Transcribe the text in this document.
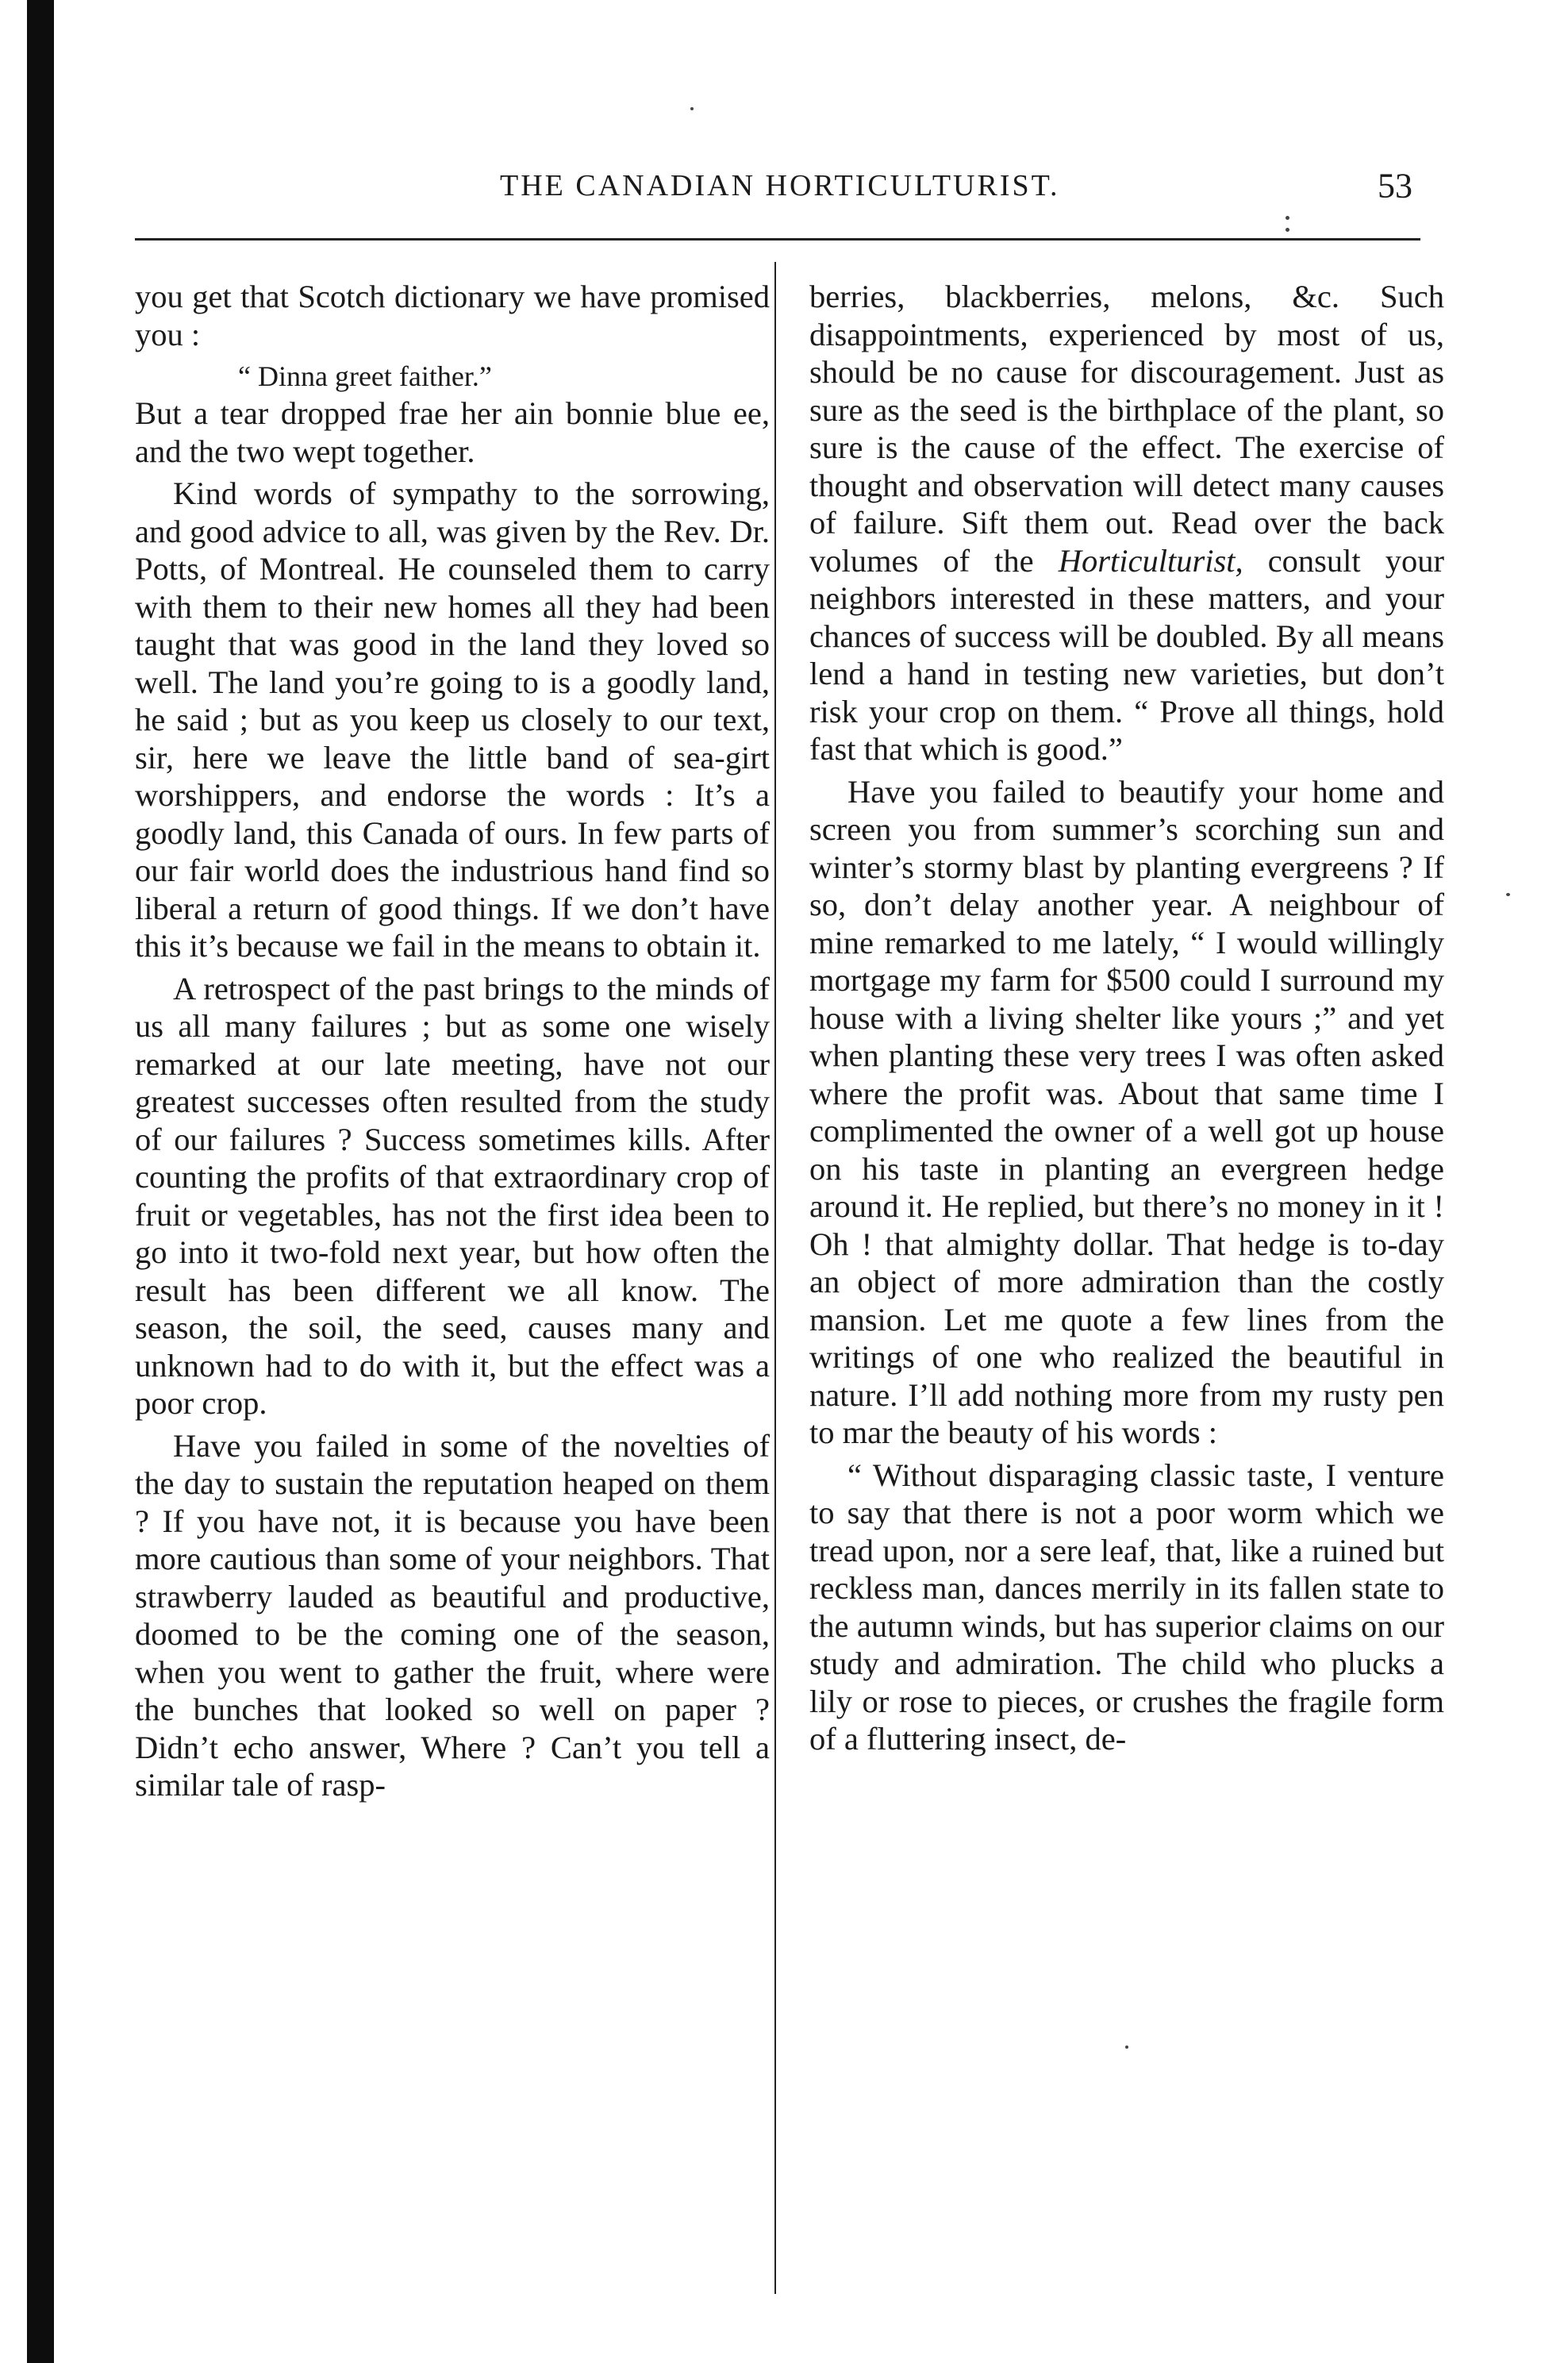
THE CANADIAN HORTICULTURIST.	53

you get that Scotch dictionary we have promised you :

“ Dinna greet faither.”

But a tear dropped frae her ain bonnie blue ee, and the two wept together.

Kind words of sympathy to the sorrowing, and good advice to all, was given by the Rev. Dr. Potts, of Montreal. He counseled them to carry with them to their new homes all they had been taught that was good in the land they loved so well. The land you’re going to is a goodly land, he said ; but as you keep us closely to our text, sir, here we leave the little band of sea-girt worshippers, and endorse the words : It’s a goodly land, this Canada of ours. In few parts of our fair world does the industrious hand find so liberal a return of good things. If we don’t have this it’s because we fail in the means to obtain it.

A retrospect of the past brings to the minds of us all many failures ; but as some one wisely remarked at our late meeting, have not our greatest successes often resulted from the study of our failures ? Success sometimes kills. After counting the profits of that extraordinary crop of fruit or vegetables, has not the first idea been to go into it two-fold next year, but how often the result has been different we all know. The season, the soil, the seed, causes many and unknown had to do with it, but the effect was a poor crop.

Have you failed in some of the novelties of the day to sustain the reputation heaped on them ? If you have not, it is because you have been more cautious than some of your neighbors. That strawberry lauded as beautiful and productive, doomed to be the coming one of the season, when you went to gather the fruit, where were the bunches that looked so well on paper ? Didn’t echo answer, Where ? Can’t you tell a similar tale of rasp-

berries, blackberries, melons, &c. Such disappointments, experienced by most of us, should be no cause for discouragement. Just as sure as the seed is the birthplace of the plant, so sure is the cause of the effect. The exercise of thought and observation will detect many causes of failure. Sift them out. Read over the back volumes of the Horticulturist, consult your neighbors interested in these matters, and your chances of success will be doubled. By all means lend a hand in testing new varieties, but don’t risk your crop on them. “ Prove all things, hold fast that which is good.”

Have you failed to beautify your home and screen you from summer’s scorching sun and winter’s stormy blast by planting evergreens ? If so, don’t delay another year. A neighbour of mine remarked to me lately, “ I would willingly mortgage my farm for $500 could I surround my house with a living shelter like yours ;” and yet when planting these very trees I was often asked where the profit was. About that same time I complimented the owner of a well got up house on his taste in planting an evergreen hedge around it. He replied, but there’s no money in it ! Oh ! that almighty dollar. That hedge is to-day an object of more admiration than the costly mansion. Let me quote a few lines from the writings of one who realized the beautiful in nature. I’ll add nothing more from my rusty pen to mar the beauty of his words :

“ Without disparaging classic taste, I venture to say that there is not a poor worm which we tread upon, nor a sere leaf, that, like a ruined but reckless man, dances merrily in its fallen state to the autumn winds, but has superior claims on our study and admiration. The child who plucks a lily or rose to pieces, or crushes the fragile form of a fluttering insect, de-
